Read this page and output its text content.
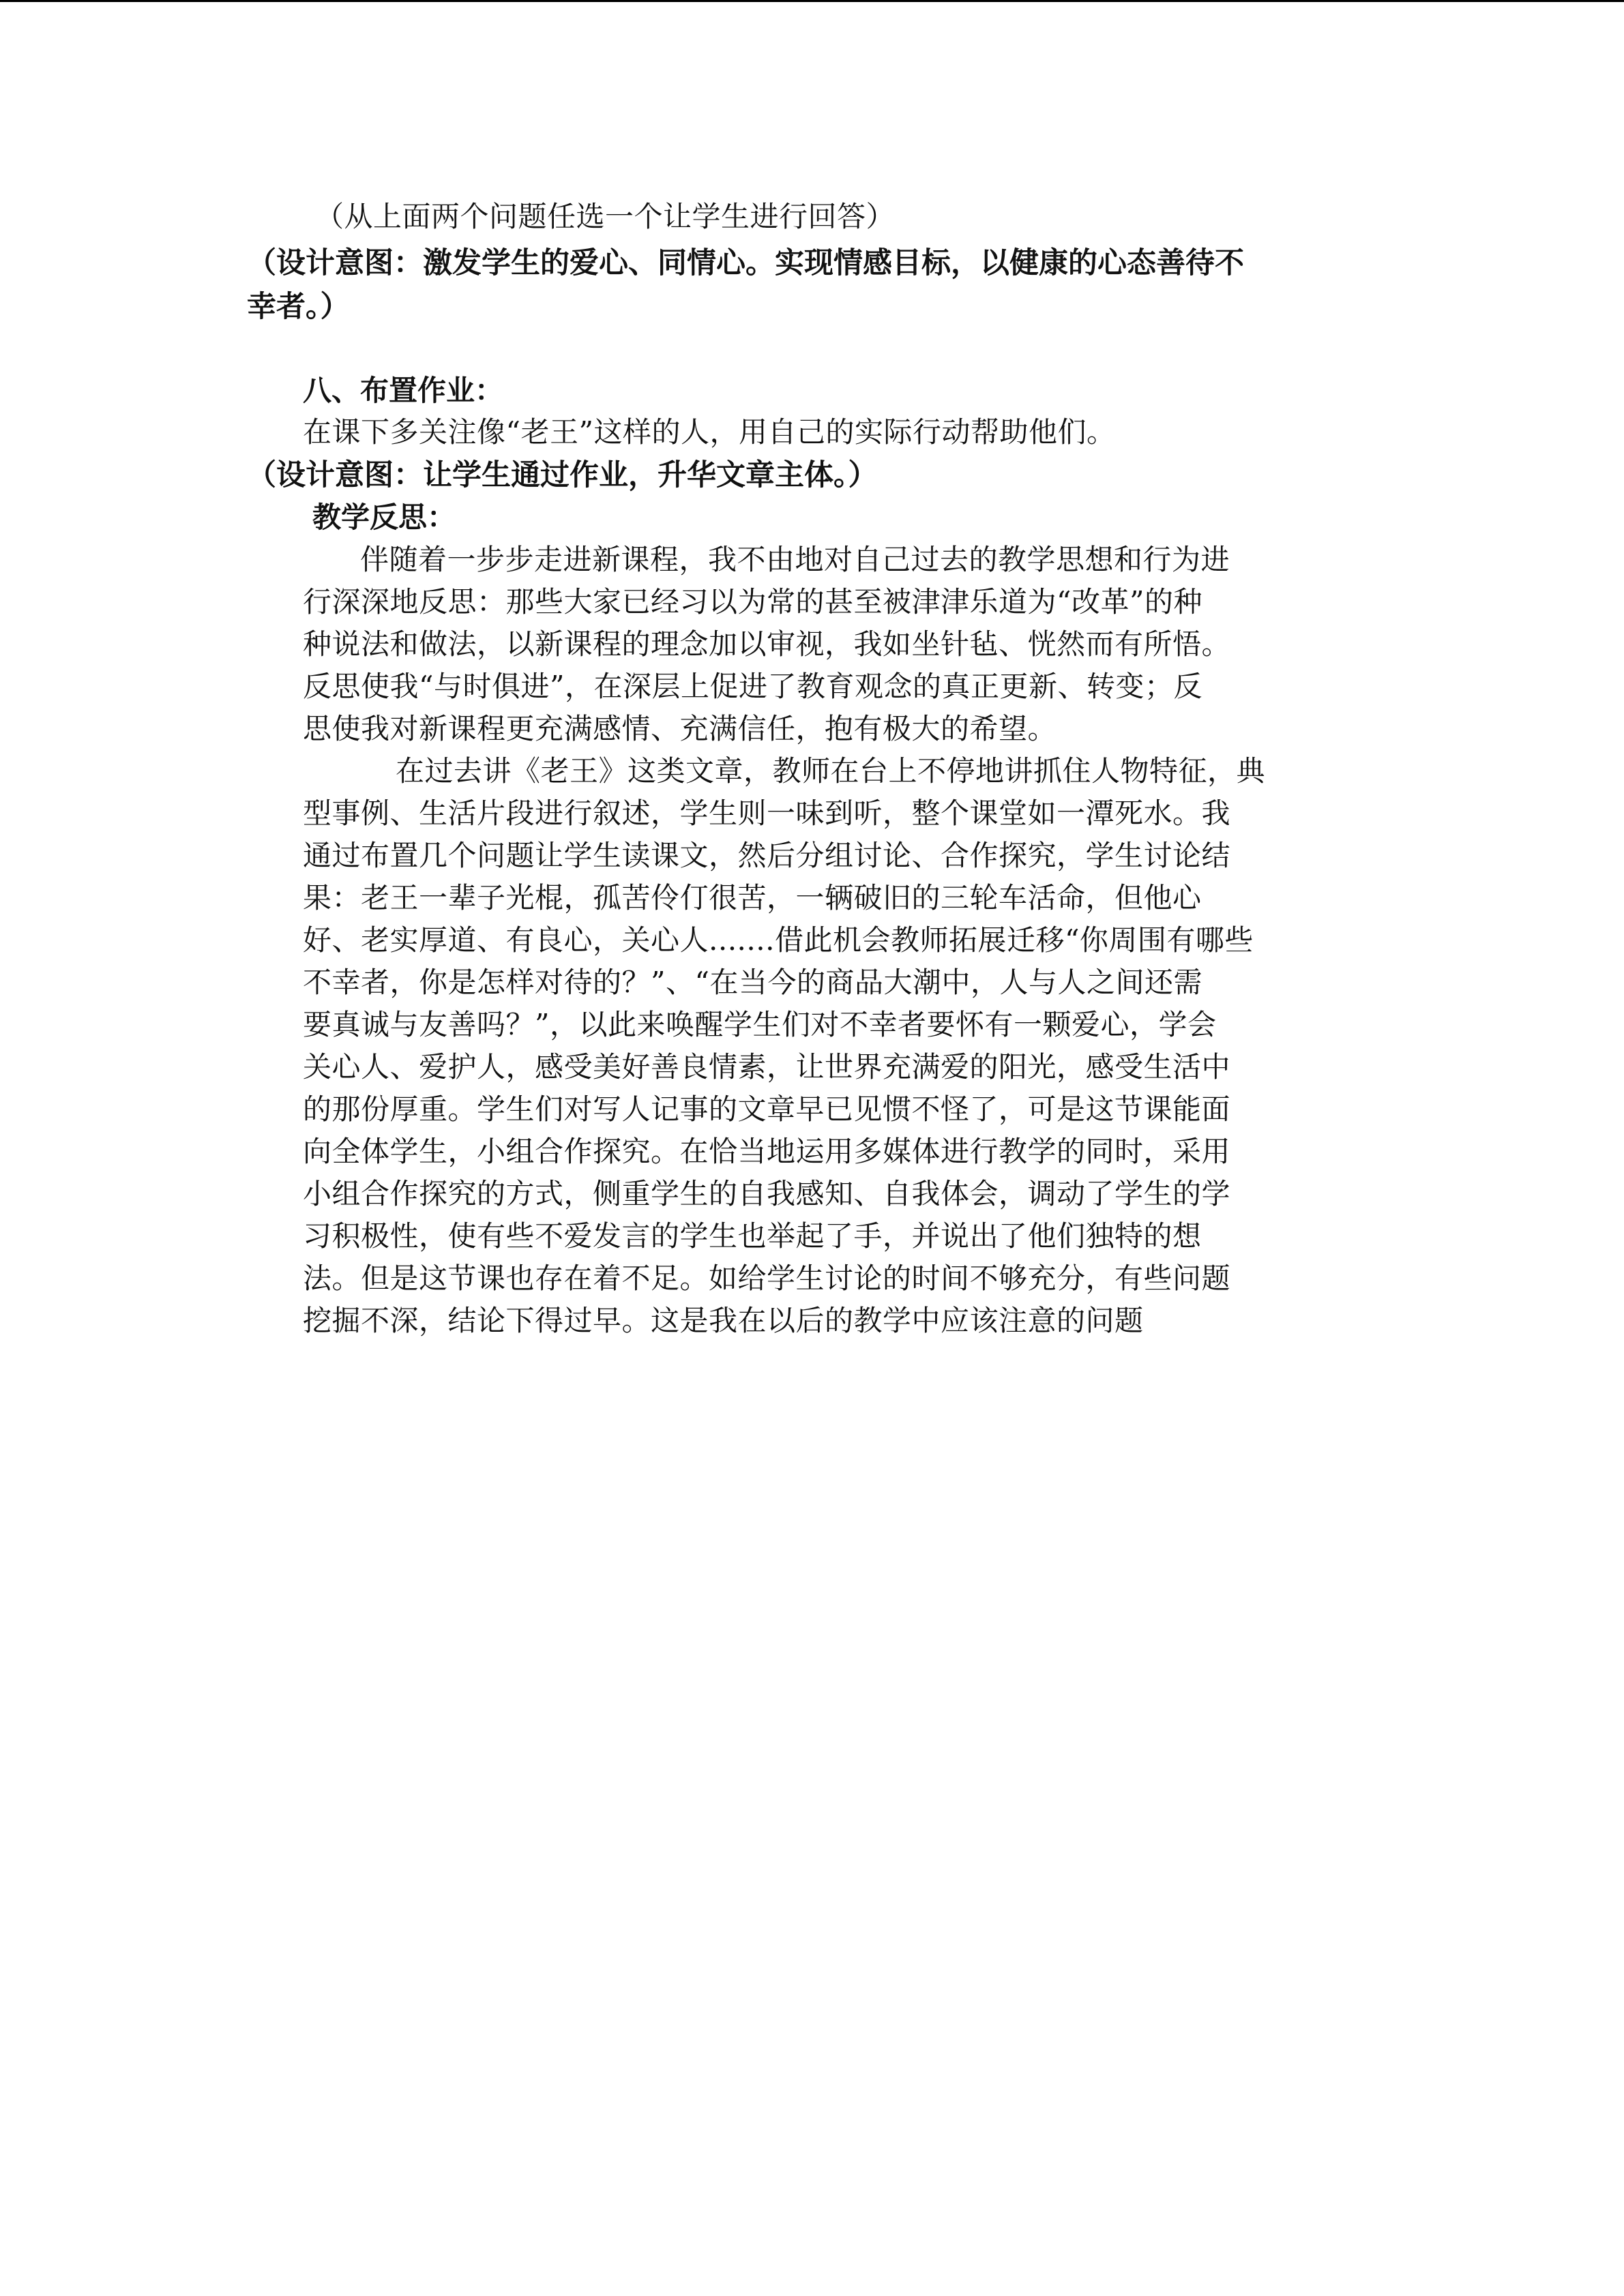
（从上面两个问题任选一个让学生进行回答）
（设计意图：激发学生的爱心、同情心。实现情感目标，以健康的心态善待不
幸者。）
八、布置作业：
在课下多关注像“老王”这样的人，用自己的实际行动帮助他们。
（设计意图：让学生通过作业，升华文章主体。）
教学反思：
伴随着一步步走进新课程，我不由地对自己过去的教学思想和行为进
行深深地反思：那些大家已经习以为常的甚至被津津乐道为“改革”的种
种说法和做法，以新课程的理念加以审视，我如坐针毡、恍然而有所悟。
反思使我“与时俱进”，在深层上促进了教育观念的真正更新、转变；反
思使我对新课程更充满感情、充满信任，抱有极大的希望。
在过去讲《老王》这类文章，教师在台上不停地讲抓住人物特征，典
型事例、生活片段进行叙述，学生则一味到听，整个课堂如一潭死水。我
通过布置几个问题让学生读课文，然后分组讨论、合作探究，学生讨论结
果：老王一辈子光棍，孤苦伶仃很苦，一辆破旧的三轮车活命，但他心
好、老实厚道、有良心，关心人.......借此机会教师拓展迁移“你周围有哪些
不幸者，你是怎样对待的？”、“在当今的商品大潮中，人与人之间还需
要真诚与友善吗？”，以此来唤醒学生们对不幸者要怀有一颗爱心，学会
关心人、爱护人，感受美好善良情素，让世界充满爱的阳光，感受生活中
的那份厚重。学生们对写人记事的文章早已见惯不怪了，可是这节课能面
向全体学生，小组合作探究。在恰当地运用多媒体进行教学的同时，采用
小组合作探究的方式，侧重学生的自我感知、自我体会，调动了学生的学
习积极性，使有些不爱发言的学生也举起了手，并说出了他们独特的想
法。但是这节课也存在着不足。如给学生讨论的时间不够充分，有些问题
挖掘不深，结论下得过早。这是我在以后的教学中应该注意的问题
